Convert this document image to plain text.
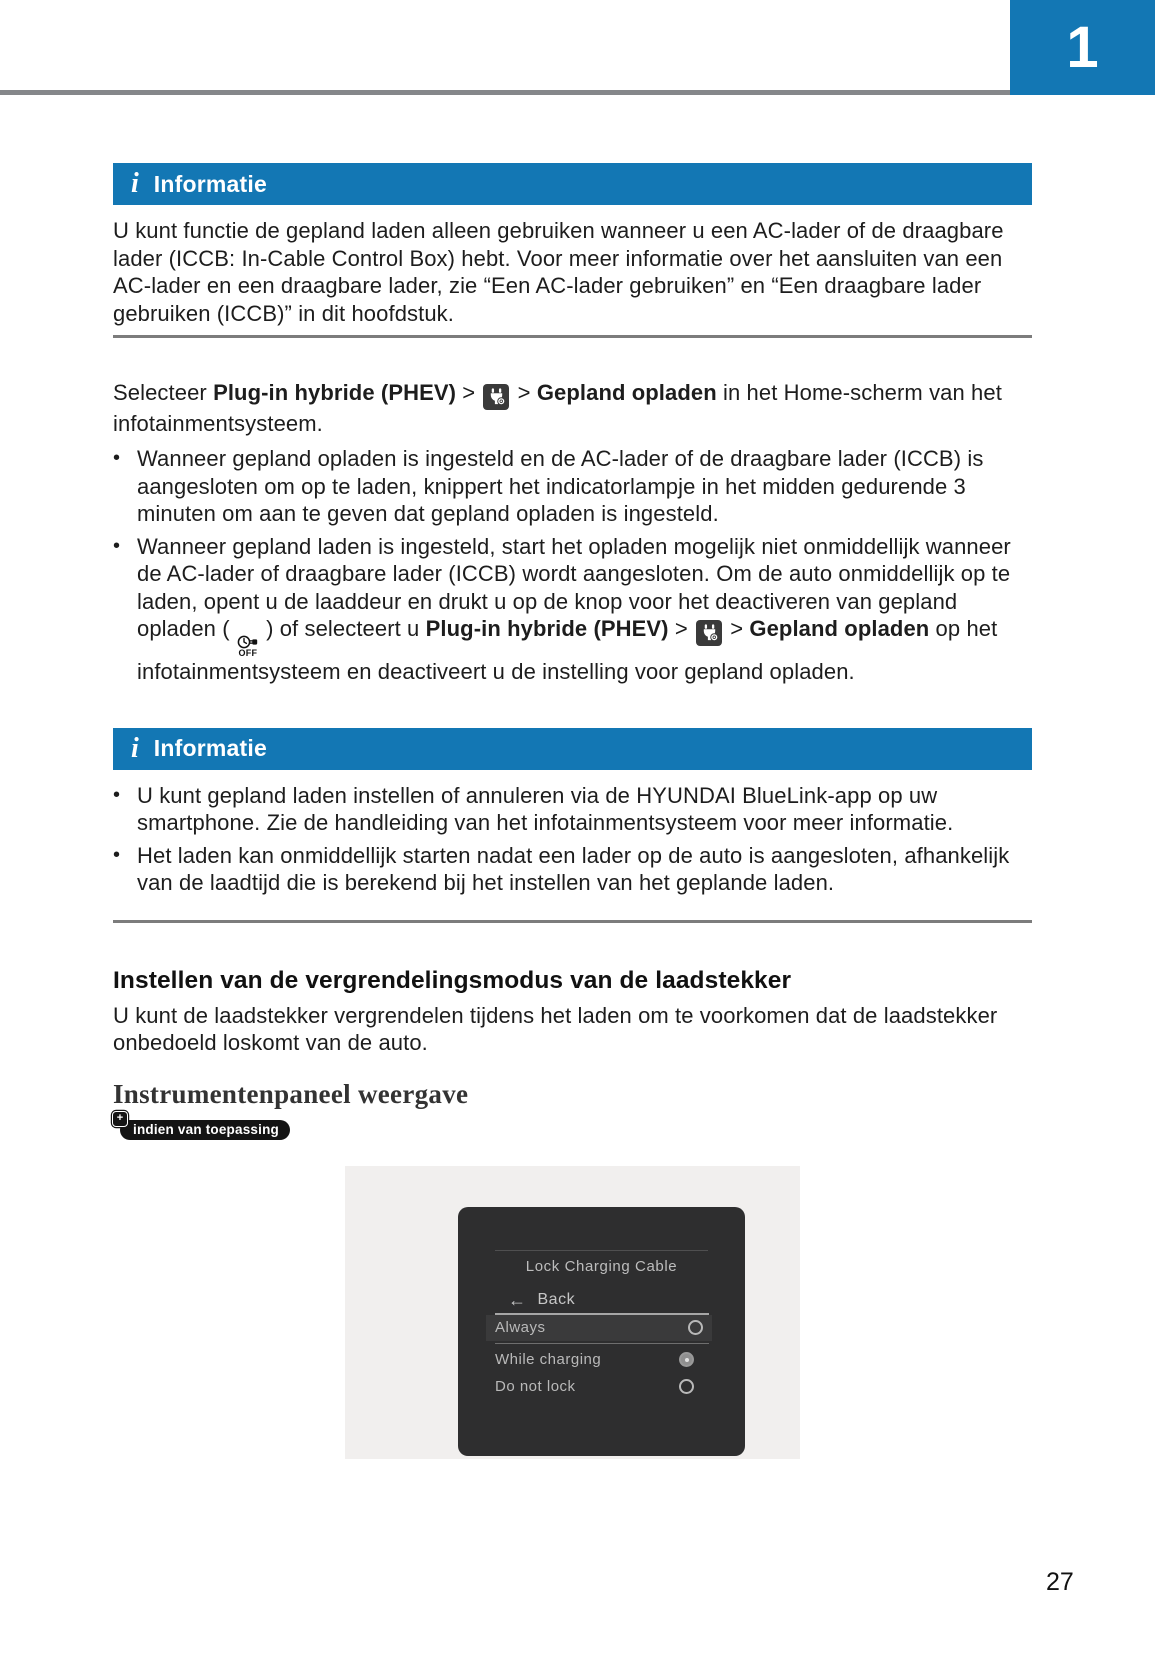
1
i Informatie

U kunt functie de gepland laden alleen gebruiken wanneer u een AC-lader of de draagbare lader (ICCB: In-Cable Control Box) hebt. Voor meer informatie over het aansluiten van een AC-lader en een draagbare lader, zie “Een AC-lader gebruiken” en “Een draagbare lader gebruiken (ICCB)” in dit hoofdstuk.

Selecteer Plug-in hybride (PHEV) >
> Gepland opladen in het Home-scherm van het infotainmentsysteem.

• Wanneer gepland opladen is ingesteld en de AC-lader of de draagbare lader (ICCB) is aangesloten om op te laden, knippert het indicatorlampje in het midden gedurende 3 minuten om aan te geven dat gepland opladen is ingesteld.
• Wanneer gepland laden is ingesteld, start het opladen mogelijk niet onmiddellijk wanneer de AC-lader of draagbare lader (ICCB) wordt aangesloten. Om de auto onmiddellijk op te laden, opent u de laaddeur en drukt u op de knop voor het deactiveren van gepland opladen (
OFF
) of selecteert u Plug-in hybride (PHEV) >
> Gepland opladen op het infotainmentsysteem en deactiveert u de instelling voor gepland opladen.
i Informatie
• U kunt gepland laden instellen of annuleren via de HYUNDAI BlueLink-app op uw smartphone. Zie de handleiding van het infotainmentsysteem voor meer informatie.
• Het laden kan onmiddellijk starten nadat een lader op de auto is aangesloten, afhankelijk van de laadtijd die is berekend bij het instellen van het geplande laden.
Instellen van de vergrendelingsmodus van de laadstekker

U kunt de laadstekker vergrendelen tijdens het laden om te voorkomen dat de laadstekker onbedoeld loskomt van de auto.

Instrumentenpaneel weergave
+
indien van toepassing
Lock Charging Cable
← Back
Always
While charging
Do not lock
27
